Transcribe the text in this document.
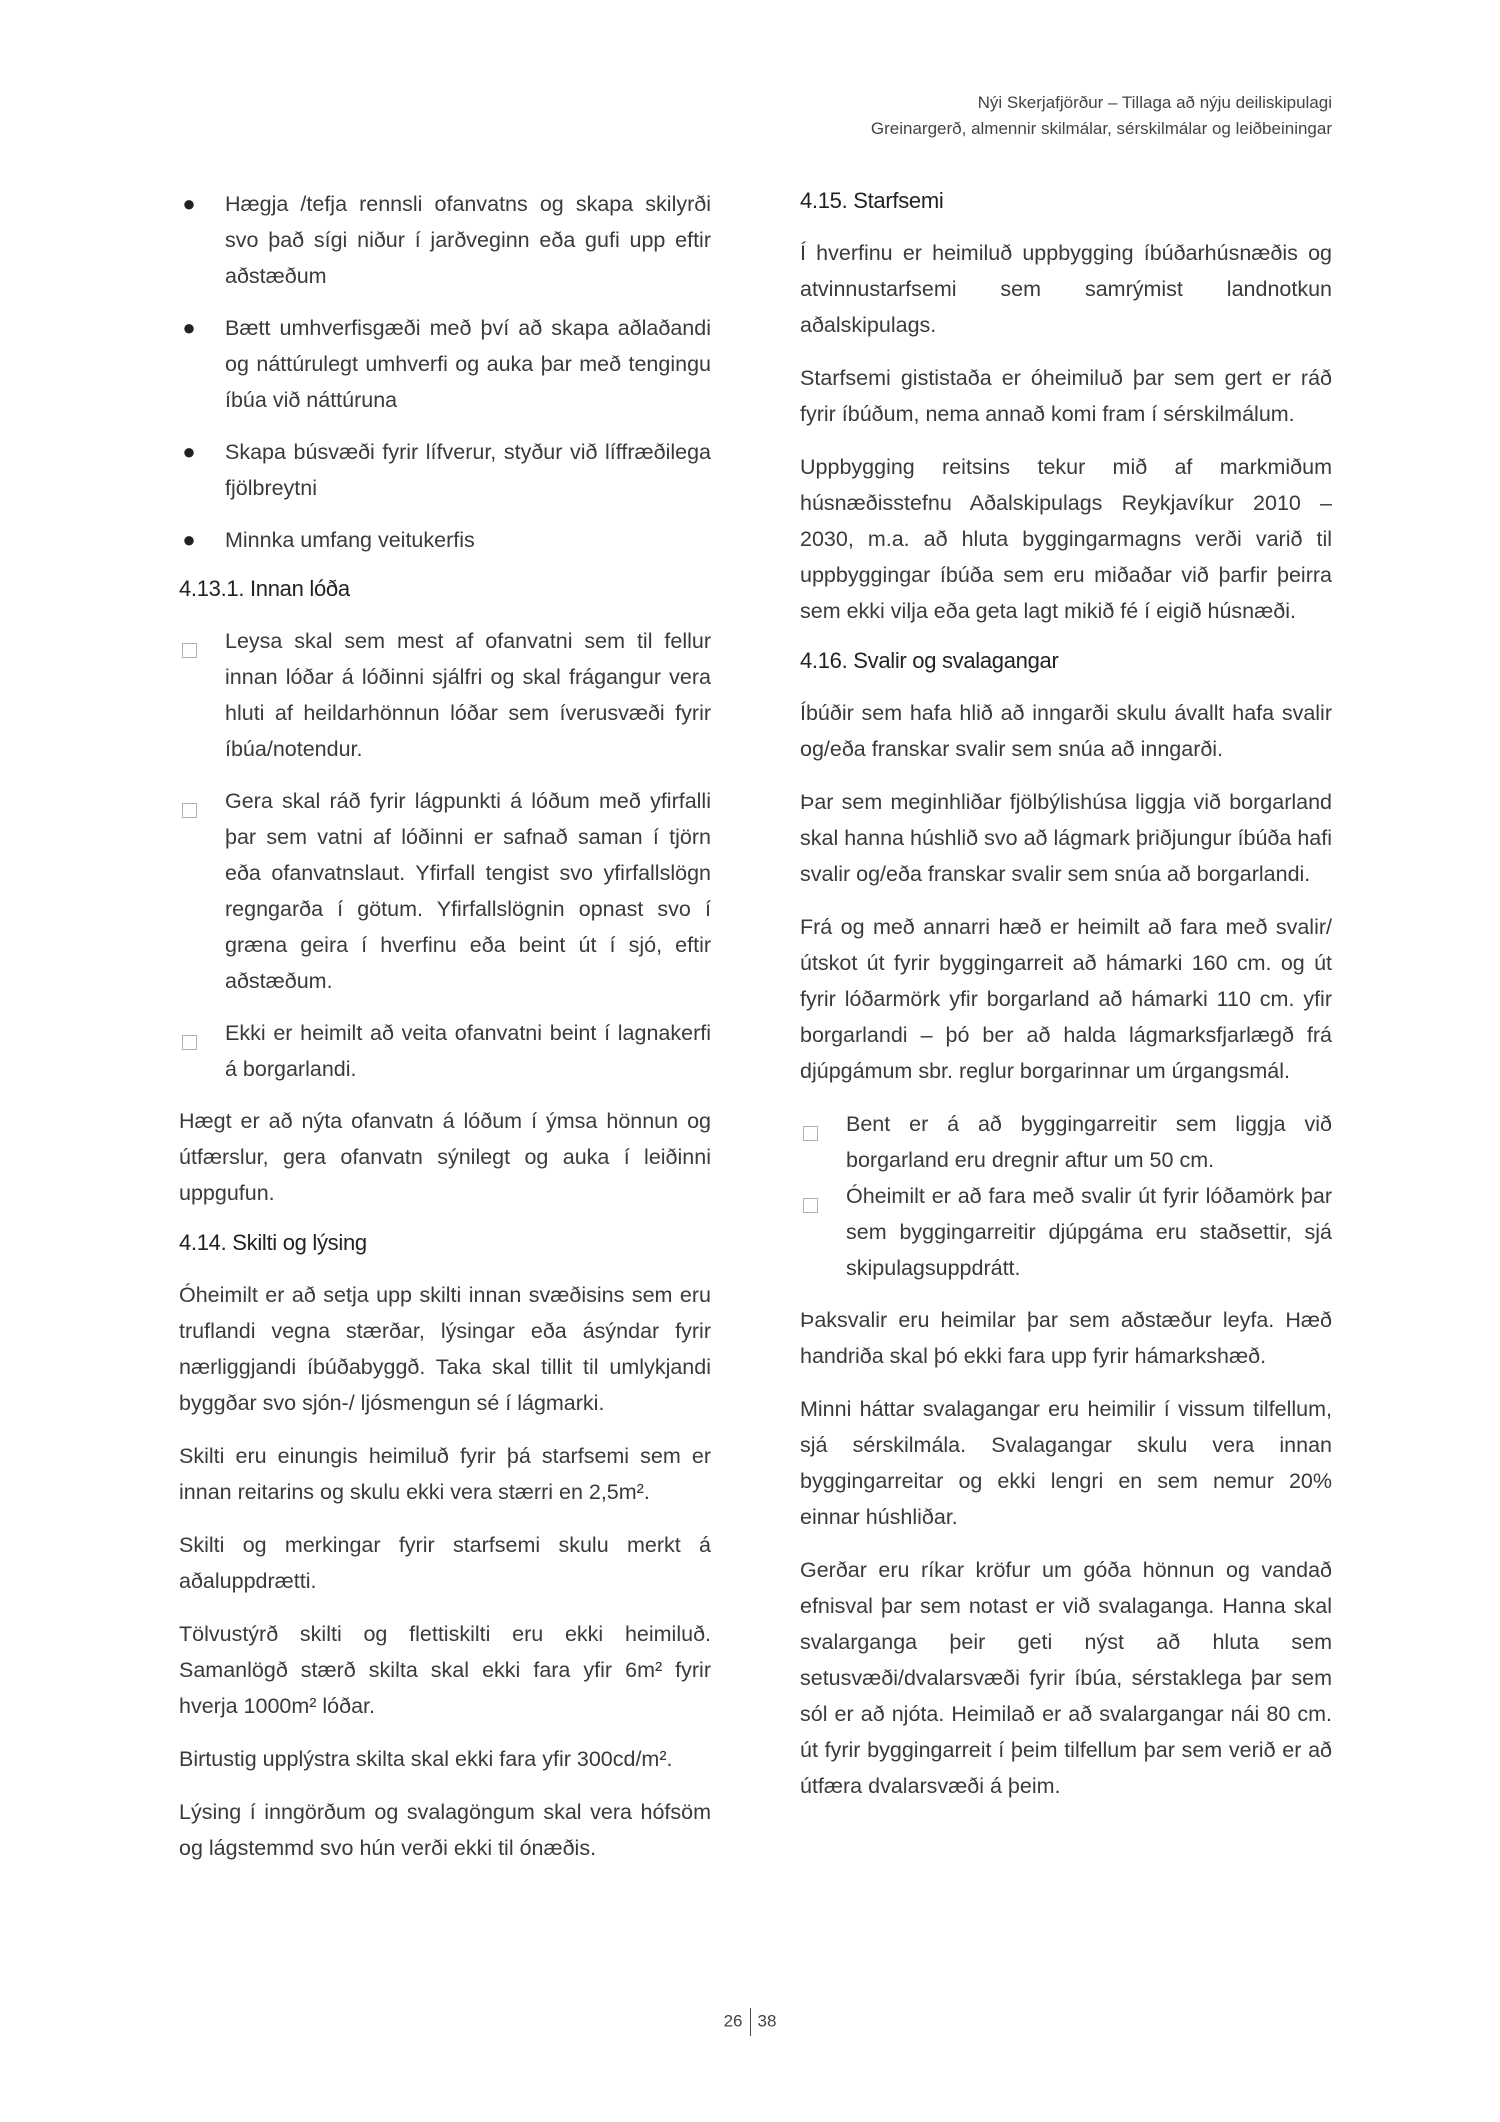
Nýi Skerjafjörður – Tillaga að nýju deiliskipulagi
Greinargerð, almennir skilmálar, sérskilmálar og leiðbeiningar
● Hægja /tefja rennsli ofanvatns og skapa skilyrði svo það sígi niður í jarðveginn eða gufi upp eftir aðstæðum
● Bætt umhverfisgæði með því að skapa aðlaðandi og náttúrulegt umhverfi og auka þar með tengingu íbúa við náttúruna
● Skapa búsvæði fyrir lífverur, styður við líffræðilega fjölbreytni
● Minnka umfang veitukerfis
4.13.1. Innan lóða
Leysa skal sem mest af ofanvatni sem til fellur innan lóðar á lóðinni sjálfri og skal frágangur vera hluti af heildarhönnun lóðar sem íverusvæði fyrir íbúa/notendur.
Gera skal ráð fyrir lágpunkti á lóðum með yfirfalli þar sem vatni af lóðinni er safnað saman í tjörn eða ofanvatnslaut. Yfirfall tengist svo yfirfallslögn regngarða í götum. Yfirfallslögnin opnast svo í græna geira í hverfinu eða beint út í sjó, eftir aðstæðum.
Ekki er heimilt að veita ofanvatni beint í lagnakerfi á borgarlandi.

Hægt er að nýta ofanvatn á lóðum í ýmsa hönnun og útfærslur, gera ofanvatn sýnilegt og auka í leiðinni uppgufun.

4.14. Skilti og lýsing

Óheimilt er að setja upp skilti innan svæðisins sem eru truflandi vegna stærðar, lýsingar eða ásýndar fyrir nærliggjandi íbúðabyggð. Taka skal tillit til umlykjandi byggðar svo sjón-/ ljósmengun sé í lágmarki.

Skilti eru einungis heimiluð fyrir þá starfsemi sem er innan reitarins og skulu ekki vera stærri en 2,5m².

Skilti og merkingar fyrir starfsemi skulu merkt á aðaluppdrætti.

Tölvustýrð skilti og flettiskilti eru ekki heimiluð. Samanlögð stærð skilta skal ekki fara yfir 6m² fyrir hverja 1000m² lóðar.

Birtustig upplýstra skilta skal ekki fara yfir 300cd/m².

Lýsing í inngörðum og svalagöngum skal vera hófsöm og lágstemmd svo hún verði ekki til ónæðis.

4.15. Starfsemi

Í hverfinu er heimiluð uppbygging íbúðarhúsnæðis og atvinnustarfsemi sem samrýmist landnotkun aðalskipulags.

Starfsemi gististaða er óheimiluð þar sem gert er ráð fyrir íbúðum, nema annað komi fram í sérskilmálum.

Uppbygging reitsins tekur mið af markmiðum húsnæðisstefnu Aðalskipulags Reykjavíkur 2010 – 2030, m.a. að hluta byggingarmagns verði varið til uppbyggingar íbúða sem eru miðaðar við þarfir þeirra sem ekki vilja eða geta lagt mikið fé í eigið húsnæði.

4.16. Svalir og svalagangar

Íbúðir sem hafa hlið að inngarði skulu ávallt hafa svalir og/eða franskar svalir sem snúa að inngarði.

Þar sem meginhliðar fjölbýlishúsa liggja við borgarland skal hanna húshlið svo að lágmark þriðjungur íbúða hafi svalir og/eða franskar svalir sem snúa að borgarlandi.

Frá og með annarri hæð er heimilt að fara með svalir/útskot út fyrir byggingarreit að hámarki 160 cm. og út fyrir lóðarmörk yfir borgarland að hámarki 110 cm. yfir borgarlandi – þó ber að halda lágmarksfjarlægð frá djúpgámum sbr. reglur borgarinnar um úrgangsmál.

Bent er á að byggingarreitir sem liggja við borgarland eru dregnir aftur um 50 cm.
Óheimilt er að fara með svalir út fyrir lóðamörk þar sem byggingarreitir djúpgáma eru staðsettir, sjá skipulagsuppdrátt.

Þaksvalir eru heimilar þar sem aðstæður leyfa. Hæð handriða skal þó ekki fara upp fyrir hámarkshæð.

Minni háttar svalagangar eru heimilir í vissum tilfellum, sjá sérskilmála. Svalagangar skulu vera innan byggingarreitar og ekki lengri en sem nemur 20% einnar húshliðar.

Gerðar eru ríkar kröfur um góða hönnun og vandað efnisval þar sem notast er við svalaganga. Hanna skal svalarganga þeir geti nýst að hluta sem setusvæði/dvalarsvæði fyrir íbúa, sérstaklega þar sem sól er að njóta. Heimilað er að svalargangar nái 80 cm. út fyrir byggingarreit í þeim tilfellum þar sem verið er að útfæra dvalarsvæði á þeim.

26 38
